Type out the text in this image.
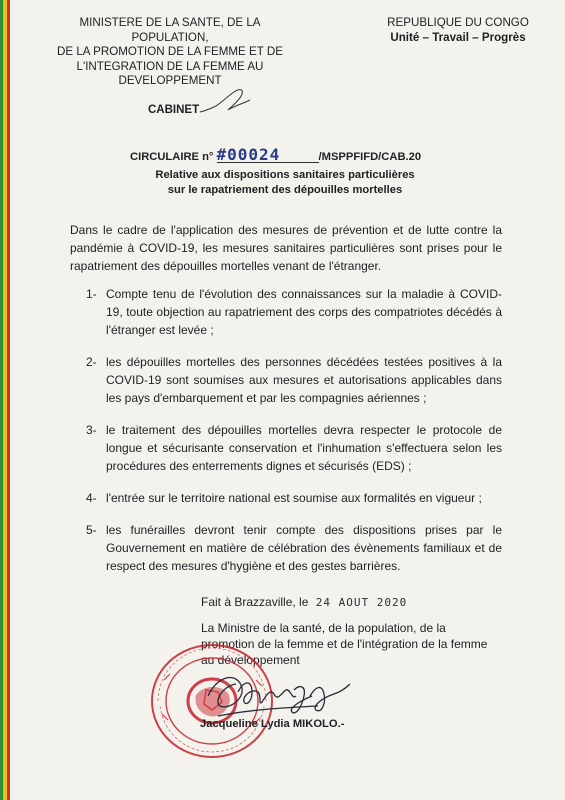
MINISTERE DE LA SANTE, DE LA POPULATION,
DE LA PROMOTION DE LA FEMME ET DE
L'INTEGRATION DE LA FEMME AU
DEVELOPPEMENT
REPUBLIQUE DU CONGO
Unité – Travail – Progrès
CABINET
CIRCULAIRE n° #00024	/MSPPFIFD/CAB.20
Relative aux dispositions sanitaires particulières
sur le rapatriement des dépouilles mortelles
Dans le cadre de l'application des mesures de prévention et de lutte contre la pandémie à COVID-19, les mesures sanitaires particulières sont prises pour le rapatriement des dépouilles mortelles venant de l'étranger.
1- Compte tenu de l'évolution des connaissances sur la maladie à COVID-19, toute objection au rapatriement des corps des compatriotes décédés à l'étranger est levée ;
2- les dépouilles mortelles des personnes décédées testées positives à la COVID-19 sont soumises aux mesures et autorisations applicables dans les pays d'embarquement et par les compagnies aériennes ;
3- le traitement des dépouilles mortelles devra respecter le protocole de longue et sécurisante conservation et l'inhumation s'effectuera selon les procédures des enterrements dignes et sécurisés (EDS) ;
4- l'entrée sur le territoire national est soumise aux formalités en vigueur ;
5- les funérailles devront tenir compte des dispositions prises par le Gouvernement en matière de célébration des évènements familiaux et de respect des mesures d'hygiène et des gestes barrières.
Fait à Brazzaville, le 24 AOUT 2020
La Ministre de la santé, de la population, de la promotion de la femme et de l'intégration de la femme au développement
Jacqueline Lydia MIKOLO.-
